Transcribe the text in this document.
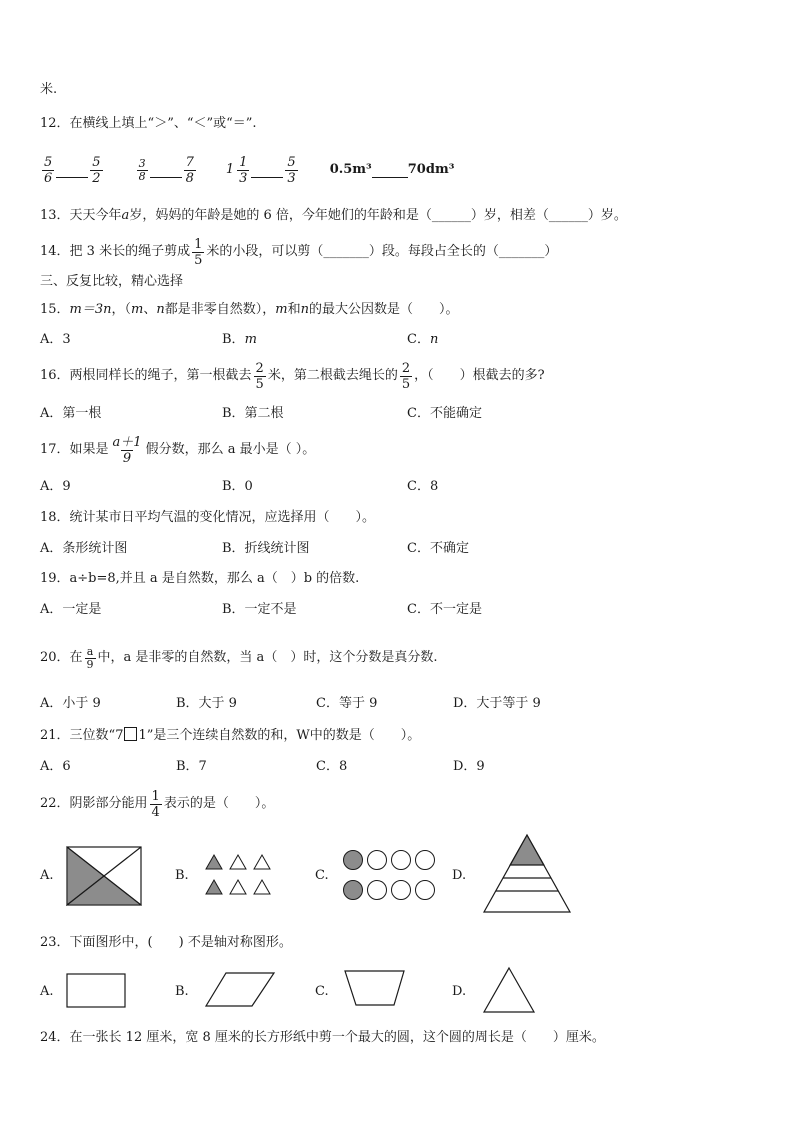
米.
12．在横线上填上“＞”、“＜”或“＝”.
$\frac{5}{6}$	$\frac{5}{2}$	$\frac{3}{8}$	$\frac{7}{8} 1 \frac{1}{3}$	$\frac{5}{3} 0.5m^3$	70dm³
13．天天今年a岁，妈妈的年龄是她的 6 倍，今年她们的年龄和是（______）岁，相差（______）岁。
14．把 3 米长的绳子剪成 $\frac{1}{5}$ 米的小段，可以剪（_______）段。每段占全长的（_______）
三、反复比较，精心选择
15．m＝3n，（m、n都是非零自然数），m和n的最大公因数是（　　）。
A．3	B．m	C．n
16．两根同样长的绳子，第一根截去 $\frac{2}{5}$ 米，第二根截去绳长的 $\frac{2}{5}$ ，（　　）根截去的多?
A．第一根	B．第二根	C．不能确定
17．如果是 $\frac{a+1}{9}$ 假分数，那么 a 最小是（ ）。
A．9	B．0	C．8
18．统计某市日平均气温的变化情况，应选择用（　　）。
A．条形统计图	B．折线统计图	C．不确定
19．a÷b=8,并且 a 是自然数，那么 a（　）b 的倍数.
A．一定是	B．一定不是	C．不一定是
20．在 $\frac{a}{9}$ 中，a 是非零的自然数，当 a（　）时，这个分数是真分数.
A．小于 9	B．大于 9	C．等于 9	D．大于等于 9
21．三位数“7 1”是三个连续自然数的和，W中的数是（　　）。
A．6	B．7	C．8	D．9
22．阴影部分能用 $\frac{1}{4}$ 表示的是（　　）。
A.	B.	C.	D.
23．下面图形中，(　　) 不是轴对称图形。
A.	B.	C.	D.
24．在一张长 12 厘米，宽 8 厘米的长方形纸中剪一个最大的圆，这个圆的周长是（　　）厘米。
